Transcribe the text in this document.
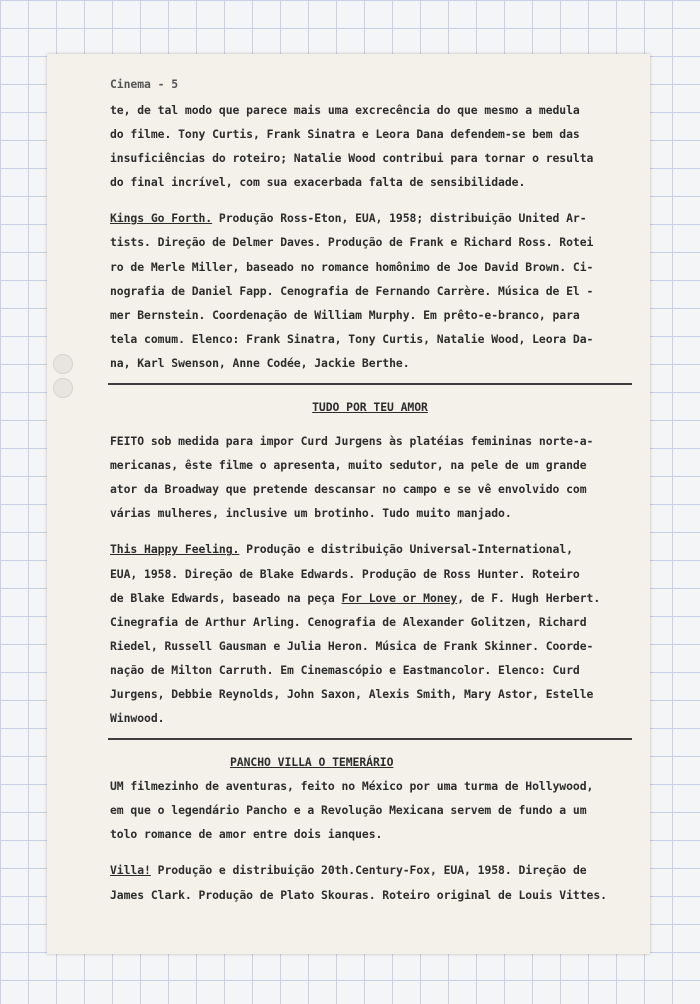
Cinema - 5
te, de tal modo que parece mais uma excrecência do que mesmo a medula
do filme. Tony Curtis, Frank Sinatra e Leora Dana defendem-se bem das
insuficiências do roteiro; Natalie Wood contribui para tornar o resulta
do final incrível, com sua exacerbada falta de sensibilidade.
Kings Go Forth. Produção Ross-Eton, EUA, 1958; distribuição United Ar-
tists. Direção de Delmer Daves. Produção de Frank e Richard Ross. Rotei
ro de Merle Miller, baseado no romance homônimo de Joe David Brown. Ci-
nografia de Daniel Fapp. Cenografia de Fernando Carrère. Música de El -
mer Bernstein. Coordenação de William Murphy. Em prêto-e-branco, para
tela comum. Elenco: Frank Sinatra, Tony Curtis, Natalie Wood, Leora Da-
na, Karl Swenson, Anne Codée, Jackie Berthe.
TUDO POR TEU AMOR
FEITO sob medida para impor Curd Jurgens às platéias femininas norte-a-
mericanas, êste filme o apresenta, muito sedutor, na pele de um grande
ator da Broadway que pretende descansar no campo e se vê envolvido com
várias mulheres, inclusive um brotinho. Tudo muito manjado.
This Happy Feeling. Produção e distribuição Universal-International,
EUA, 1958. Direção de Blake Edwards. Produção de Ross Hunter. Roteiro
de Blake Edwards, baseado na peça For Love or Money, de F. Hugh Herbert.
Cinegrafia de Arthur Arling. Cenografia de Alexander Golitzen, Richard
Riedel, Russell Gausman e Julia Heron. Música de Frank Skinner. Coorde-
nação de Milton Carruth. Em Cinemascópio e Eastmancolor. Elenco: Curd
Jurgens, Debbie Reynolds, John Saxon, Alexis Smith, Mary Astor, Estelle
Winwood.
PANCHO VILLA O TEMERÁRIO
UM filmezinho de aventuras, feito no México por uma turma de Hollywood,
em que o legendário Pancho e a Revolução Mexicana servem de fundo a um
tolo romance de amor entre dois ianques.
Villa! Produção e distribuição 20th.Century-Fox, EUA, 1958. Direção de
James Clark. Produção de Plato Skouras. Roteiro original de Louis Vittes.
